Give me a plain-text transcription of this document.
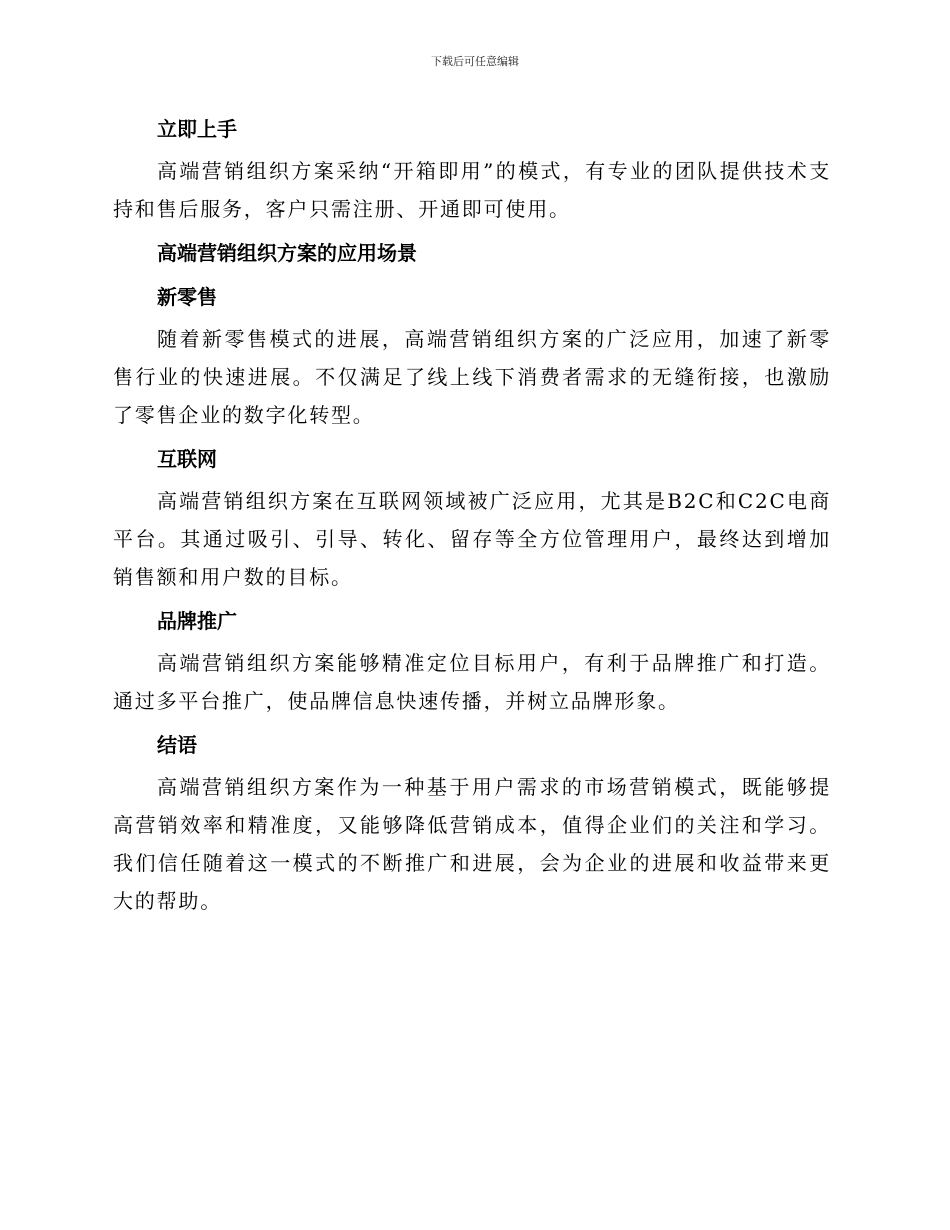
下载后可任意编辑
立即上手

高端营销组织方案采纳“开箱即用”的模式，有专业的团队提供技术支持和售后服务，客户只需注册、开通即可使用。

高端营销组织方案的应用场景
新零售

随着新零售模式的进展，高端营销组织方案的广泛应用，加速了新零售行业的快速进展。不仅满足了线上线下消费者需求的无缝衔接，也激励了零售企业的数字化转型。

互联网

高端营销组织方案在互联网领域被广泛应用，尤其是B2C和C2C电商平台。其通过吸引、引导、转化、留存等全方位管理用户，最终达到增加销售额和用户数的目标。

品牌推广

高端营销组织方案能够精准定位目标用户，有利于品牌推广和打造。通过多平台推广，使品牌信息快速传播，并树立品牌形象。

结语

高端营销组织方案作为一种基于用户需求的市场营销模式，既能够提高营销效率和精准度，又能够降低营销成本，值得企业们的关注和学习。我们信任随着这一模式的不断推广和进展，会为企业的进展和收益带来更大的帮助。
